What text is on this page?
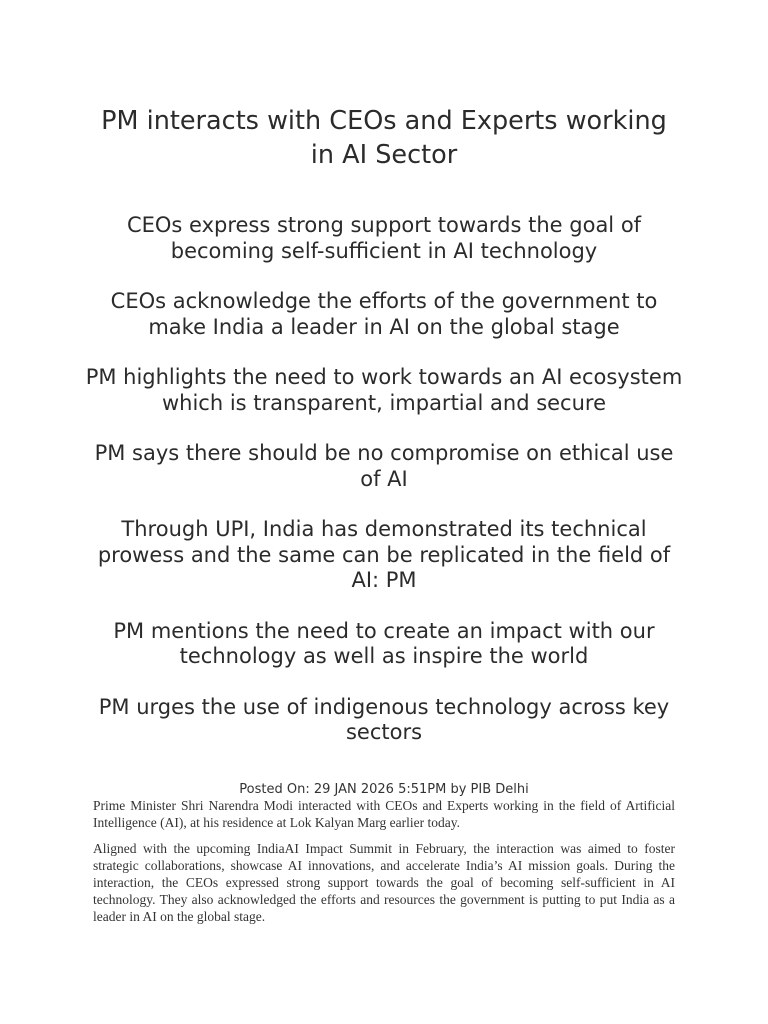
PM interacts with CEOs and Experts working in AI Sector
CEOs express strong support towards the goal of becoming self-sufficient in AI technology
CEOs acknowledge the efforts of the government to make India a leader in AI on the global stage
PM highlights the need to work towards an AI ecosystem which is transparent, impartial and secure
PM says there should be no compromise on ethical use of AI
Through UPI, India has demonstrated its technical prowess and the same can be replicated in the field of AI: PM
PM mentions the need to create an impact with our technology as well as inspire the world
PM urges the use of indigenous technology across key sectors
Posted On: 29 JAN 2026 5:51PM by PIB Delhi

Prime Minister Shri Narendra Modi interacted with CEOs and Experts working in the field of Artificial Intelligence (AI), at his residence at Lok Kalyan Marg earlier today.

Aligned with the upcoming IndiaAI Impact Summit in February, the interaction was aimed to foster strategic collaborations, showcase AI innovations, and accelerate India’s AI mission goals. During the interaction, the CEOs expressed strong support towards the goal of becoming self-sufficient in AI technology. They also acknowledged the efforts and resources the government is putting to put India as a leader in AI on the global stage.
